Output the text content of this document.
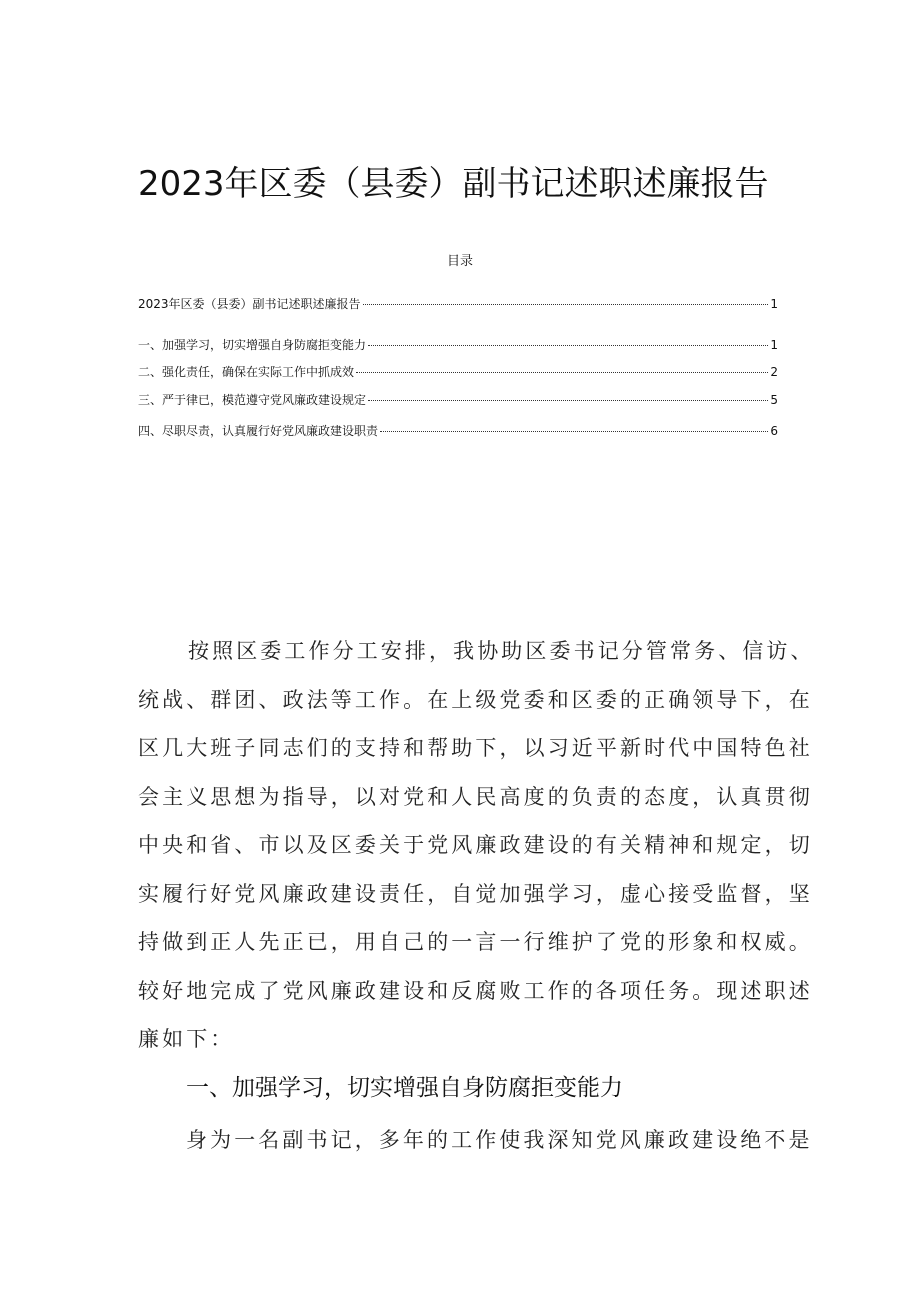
2023年区委（县委）副书记述职述廉报告
目录
2023年区委（县委）副书记述职述廉报告	1
一、加强学习，切实增强自身防腐拒变能力	1
二、强化责任，确保在实际工作中抓成效	2
三、严于律已，模范遵守党风廉政建设规定	5
四、尽职尽责，认真履行好党风廉政建设职责	6
按照区委工作分工安排，我协助区委书记分管常务、信访、
统战、群团、政法等工作。在上级党委和区委的正确领导下，在
区几大班子同志们的支持和帮助下，以习近平新时代中国特色社
会主义思想为指导，以对党和人民高度的负责的态度，认真贯彻
中央和省、市以及区委关于党风廉政建设的有关精神和规定，切
实履行好党风廉政建设责任，自觉加强学习，虚心接受监督，坚
持做到正人先正已，用自己的一言一行维护了党的形象和权威。
较好地完成了党风廉政建设和反腐败工作的各项任务。现述职述
廉如下：
一、加强学习，切实增强自身防腐拒变能力
身为一名副书记，多年的工作使我深知党风廉政建设绝不是
